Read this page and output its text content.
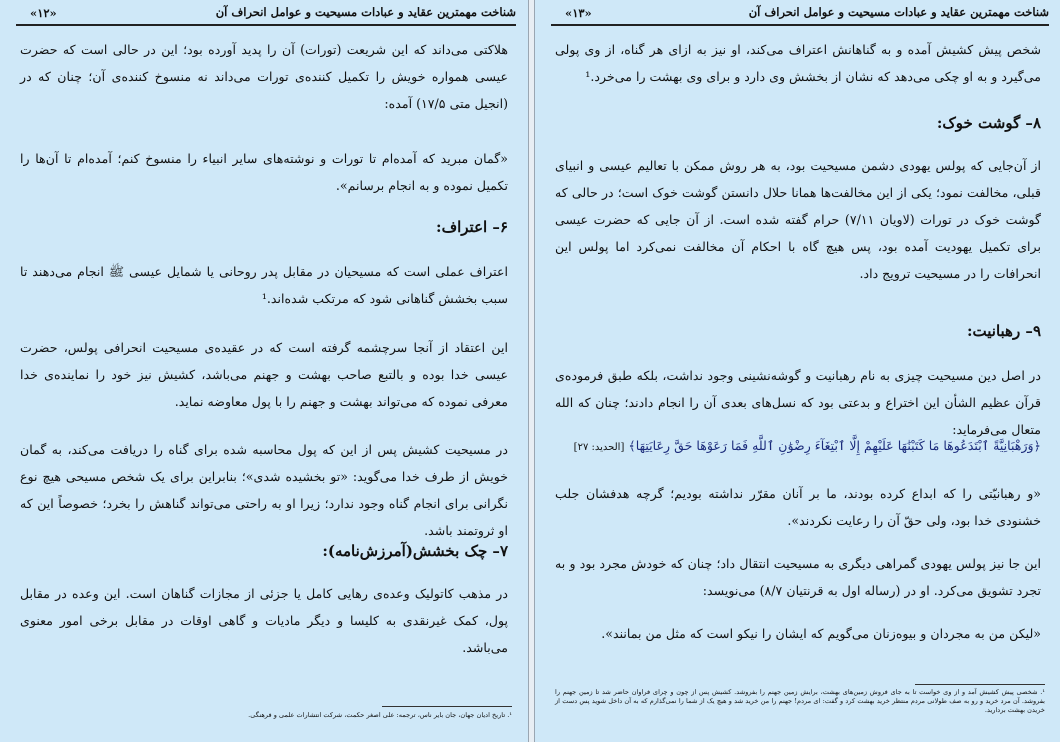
شناخت مهمترین عقاید و عبادات مسیحیت و عوامل انحراف آن
«۱۲»

هلاکتی می‌داند که این شریعت (تورات) آن را پدید آورده بود؛ این در حالی است که حضرت عیسی همواره خویش را تکمیل کننده‌ی تورات می‌داند نه منسوخ کننده‌ی آن؛ چنان که در (انجیل متی ۱۷/۵) آمده:

«گمان مبرید که آمده‌ام تا تورات و نوشته‌های سایر انبیاء را منسوخ کنم؛ آمده‌ام تا آن‌ها را تکمیل نموده و به انجام برسانم».

۶– اعتراف:

اعتراف عملی است که مسیحیان در مقابل پدر روحانی یا شمایل عیسی ﷺ انجام می‌دهند تا سبب بخشش گناهانی شود که مرتکب شده‌اند.¹

این اعتقاد از آنجا سرچشمه گرفته است که در عقیده‌ی مسیحیت انحرافی پولس، حضرت عیسی خدا بوده و بالتبع صاحب بهشت و جهنم می‌باشد، کشیش نیز خود را نماینده‌ی خدا معرفی نموده که می‌تواند بهشت و جهنم را با پول معاوضه نماید.

در مسیحیت کشیش پس از این که پول محاسبه شده برای گناه را دریافت می‌کند، به گمان خویش از طرف خدا می‌گوید: «تو بخشیده شدی»؛ بنابراین برای یک شخص مسیحی هیچ نوع نگرانی برای انجام گناه وجود ندارد؛ زیرا او به راحتی می‌تواند گناهش را بخرد؛ خصوصاً این که او ثروتمند باشد.

۷– چک بخشش(آمرزش‌نامه):

در مذهب کاتولیک وعده‌ی رهایی کامل یا جزئی از مجازات گناهان است. این وعده در مقابل پول، کمک غیرنقدی به کلیسا و دیگر مادیات و گاهی اوقات در مقابل برخی امور معنوی می‌باشد.

¹. تاریخ ادیان جهان، جان بایر ناس، ترجمه: علی اصغر حکمت، شرکت انتشارات علمی و فرهنگی.
شناخت مهمترین عقاید و عبادات مسیحیت و عوامل انحراف آن
«۱۳»

شخص پیش کشیش آمده و به گناهانش اعتراف می‌کند، او نیز به ازای هر گناه، از وی پولی می‌گیرد و به او چکی می‌دهد که نشان از بخشش وی دارد و برای وی بهشت را می‌خرد.¹

۸– گوشت خوک:

از آن‌جایی که پولس یهودی دشمن مسیحیت بود، به هر روش ممکن با تعالیم عیسی و انبیای قبلی، مخالفت نمود؛ یکی از این مخالفت‌ها همانا حلال دانستن گوشت خوک است؛ در حالی که گوشت خوک در تورات (لاویان ۷/۱۱) حرام گفته شده است. از آن جایی که حضرت عیسی برای تکمیل یهودیت آمده بود، پس هیچ گاه با احکام آن مخالفت نمی‌کرد اما پولس این انحرافات را در مسیحیت ترویج داد.

۹– رهبانیت:

در اصل دین مسیحیت چیزی به نام رهبانیت و گوشه‌نشینی وجود نداشت، بلکه طبق فرموده‌ی قرآن عظیم الشأن این اختراع و بدعتی بود که نسل‌های بعدی آن را انجام دادند؛ چنان که الله متعال می‌فرماید:

﴿وَرَهْبَانِيَّةً ٱبْتَدَعُوهَا مَا كَتَبْنَٰهَا عَلَيْهِمْ إِلَّا ٱبْتِغَآءَ رِضْوَٰنِ ٱللَّهِ فَمَا رَعَوْهَا حَقَّ رِعَايَتِهَا﴾ [الحدید: ۲۷]

«و رهبانیّتی را که ابداع کرده بودند، ما بر آنان مقرّر نداشته بودیم؛ گرچه هدفشان جلب خشنودی خدا بود، ولی حقّ آن را رعایت نکردند».

این جا نیز پولس یهودی گمراهی دیگری به مسیحیت انتقال داد؛ چنان که خودش مجرد بود و به تجرد تشویق می‌کرد. او در (رساله اول به قرنتیان ۸/۷) می‌نویسد:

«لیکن من به مجردان و بیوه‌زنان می‌گویم که ایشان را نیکو است که مثل من بمانند».

¹. شخصی پیش کشیش آمد و از وی خواست تا به جای فروش زمین‌های بهشت، برایش زمین جهنم را بفروشد. کشیش پس از چون و چرای فراوان حاضر شد تا زمین جهنم را بفروشد. آن مرد خرید و رو به صف طولانی مردم منتظر خرید بهشت کرد و گفت: ای مردم! جهنم را من خرید شد و هیچ یک از شما را نمی‌گذارم که به آن داخل شوید پس دست از خریدن بهشت بردارید.
